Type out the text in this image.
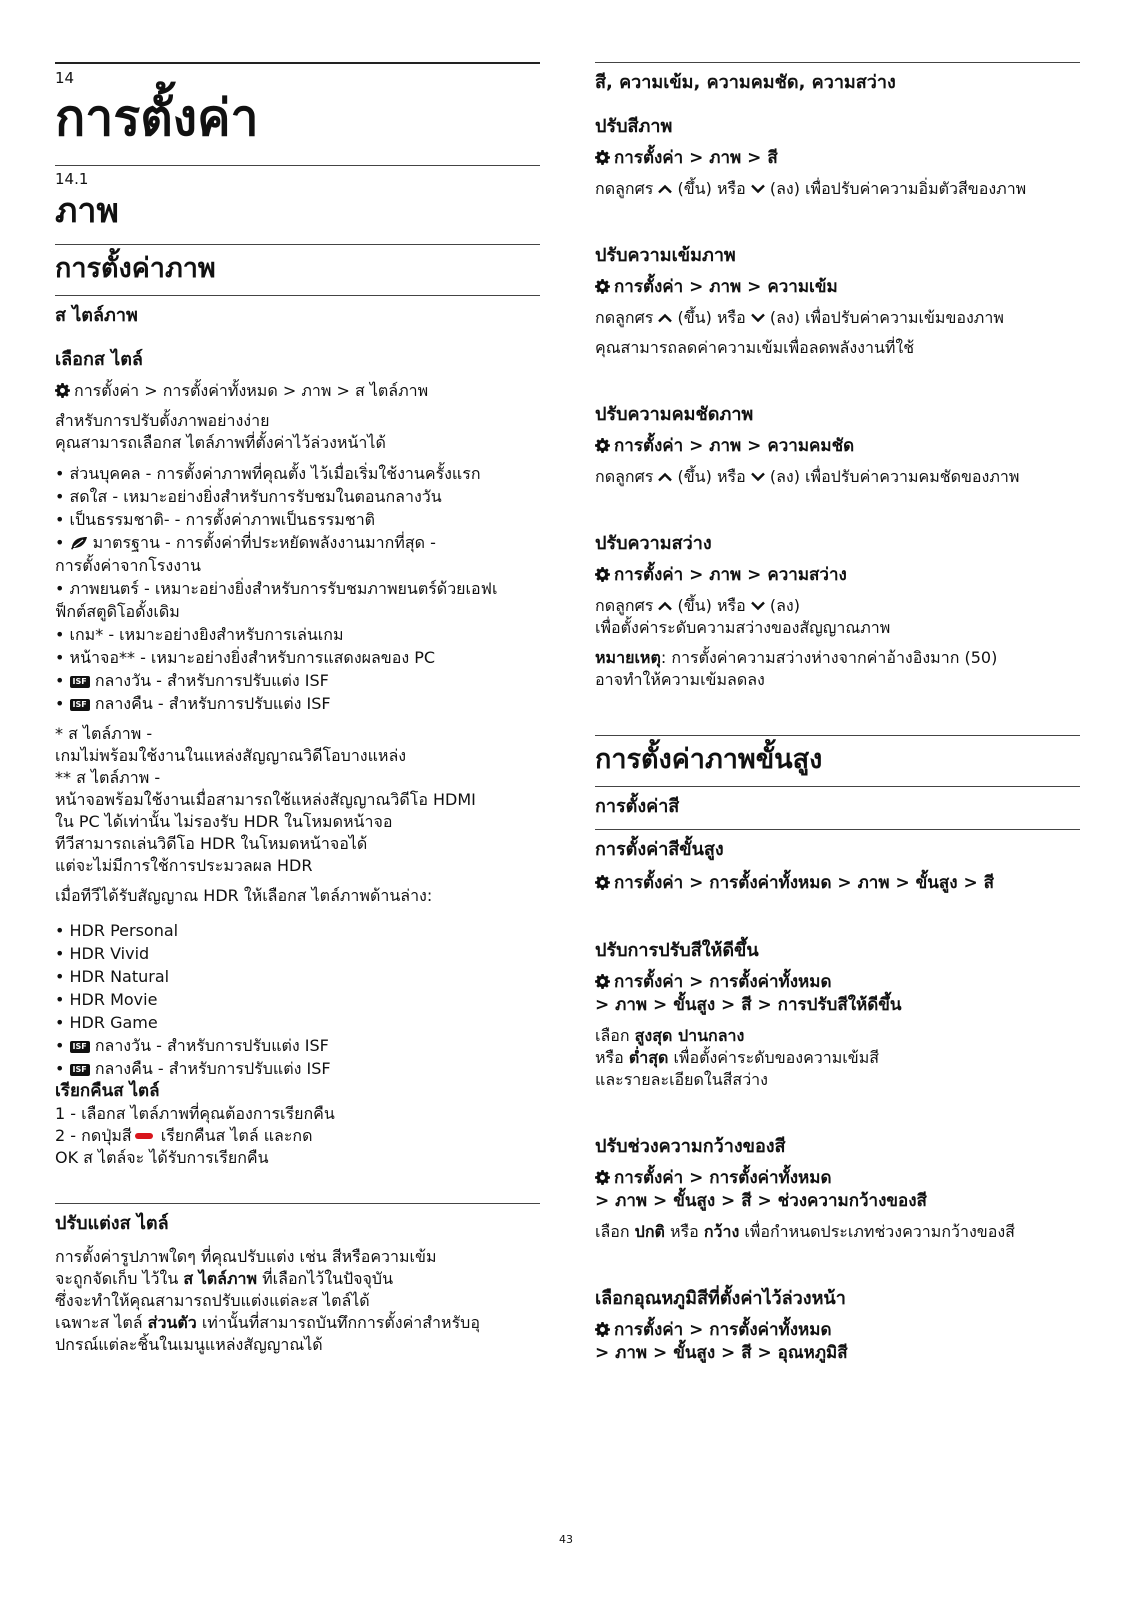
14
การตั้งค่า
14.1
ภาพ
การตั้งค่าภาพ
ส ไตล์ภาพ
เลือกส ไตล์
การตั้งค่า > การตั้งค่าทั้งหมด > ภาพ > ส ไตล์ภาพ
สำหรับการปรับตั้งภาพอย่างง่าย
คุณสามารถเลือกส ไตล์ภาพที่ตั้งค่าไว้ล่วงหน้าได้
• ส่วนบุคคล - การตั้งค่าภาพที่คุณตั้ง ไว้เมื่อเริ่มใช้งานครั้งแรก
• สดใส - เหมาะอย่างยิ่งสำหรับการรับชมในตอนกลางวัน
• เป็นธรรมชาติ- - การตั้งค่าภาพเป็นธรรมชาติ
•  มาตรฐาน - การตั้งค่าที่ประหยัดพลังงานมากที่สุด -
การตั้งค่าจากโรงงาน
• ภาพยนตร์ - เหมาะอย่างยิ่งสำหรับการรับชมภาพยนตร์ด้วยเอฟเ
ฟ็กต์สตูดิโอดั้งเดิม
• เกม* - เหมาะอย่างยิงสำหรับการเล่นเกม
• หน้าจอ** - เหมาะอย่างยิ่งสำหรับการแสดงผลของ PC
• ISF กลางวัน - สำหรับการปรับแต่ง ISF
• ISF กลางคืน - สำหรับการปรับแต่ง ISF
* ส ไตล์ภาพ -
เกมไม่พร้อมใช้งานในแหล่งสัญญาณวิดีโอบางแหล่ง
** ส ไตล์ภาพ -
หน้าจอพร้อมใช้งานเมื่อสามารถใช้แหล่งสัญญาณวิดีโอ HDMI
ใน PC ได้เท่านั้น ไม่รองรับ HDR ในโหมดหน้าจอ
ทีวีสามารถเล่นวิดีโอ HDR ในโหมดหน้าจอได้
แต่จะไม่มีการใช้การประมวลผล HDR
เมื่อทีวีได้รับสัญญาณ HDR ให้เลือกส ไตล์ภาพด้านล่าง:
• HDR Personal
• HDR Vivid
• HDR Natural
• HDR Movie
• HDR Game
• ISF กลางวัน - สำหรับการปรับแต่ง ISF
• ISF กลางคืน - สำหรับการปรับแต่ง ISF
เรียกคืนส ไตล์
1 - เลือกส ไตล์ภาพที่คุณต้องการเรียกคืน
2 - กดปุ่มสี เรียกคืนส ไตล์ และกด
OK ส ไตล์จะ ได้รับการเรียกคืน
ปรับแต่งส ไตล์
การตั้งค่ารูปภาพใดๆ ที่คุณปรับแต่ง เช่น สีหรือความเข้ม
จะถูกจัดเก็บ ไว้ใน ส ไตล์ภาพ ที่เลือกไว้ในปัจจุบัน
ซึ่งจะทำให้คุณสามารถปรับแต่งแต่ละส ไตล์ได้
เฉพาะส ไตล์ ส่วนตัว เท่านั้นที่สามารถบันทึกการตั้งค่าสำหรับอุ
ปกรณ์แต่ละชิ้นในเมนูแหล่งสัญญาณได้
สี, ความเข้ม, ความคมชัด, ความสว่าง
ปรับสีภาพ
การตั้งค่า > ภาพ > สี
กดลูกศร  (ขึ้น) หรือ  (ลง) เพื่อปรับค่าความอิ่มตัวสีของภาพ
ปรับความเข้มภาพ
การตั้งค่า > ภาพ > ความเข้ม
กดลูกศร  (ขึ้น) หรือ  (ลง) เพื่อปรับค่าความเข้มของภาพ
คุณสามารถลดค่าความเข้มเพื่อลดพลังงานที่ใช้
ปรับความคมชัดภาพ
การตั้งค่า > ภาพ > ความคมชัด
กดลูกศร  (ขึ้น) หรือ  (ลง) เพื่อปรับค่าความคมชัดของภาพ
ปรับความสว่าง
การตั้งค่า > ภาพ > ความสว่าง
กดลูกศร  (ขึ้น) หรือ  (ลง)
เพื่อตั้งค่าระดับความสว่างของสัญญาณภาพ
หมายเหตุ: การตั้งค่าความสว่างห่างจากค่าอ้างอิงมาก (50)
อาจทำให้ความเข้มลดลง
การตั้งค่าภาพขั้นสูง
การตั้งค่าสี
การตั้งค่าสีขั้นสูง
การตั้งค่า > การตั้งค่าทั้งหมด > ภาพ > ขั้นสูง > สี
ปรับการปรับสีให้ดีขึ้น
การตั้งค่า > การตั้งค่าทั้งหมด
> ภาพ > ขั้นสูง > สี > การปรับสีให้ดีขึ้น
เลือก สูงสุด ปานกลาง
หรือ ต่ำสุด เพื่อตั้งค่าระดับของความเข้มสี
และรายละเอียดในสีสว่าง
ปรับช่วงความกว้างของสี
การตั้งค่า > การตั้งค่าทั้งหมด
> ภาพ > ขั้นสูง > สี > ช่วงความกว้างของสี
เลือก ปกติ หรือ กว้าง เพื่อกำหนดประเภทช่วงความกว้างของสี
เลือกอุณหภูมิสีที่ตั้งค่าไว้ล่วงหน้า
การตั้งค่า > การตั้งค่าทั้งหมด
> ภาพ > ขั้นสูง > สี > อุณหภูมิสี
43
